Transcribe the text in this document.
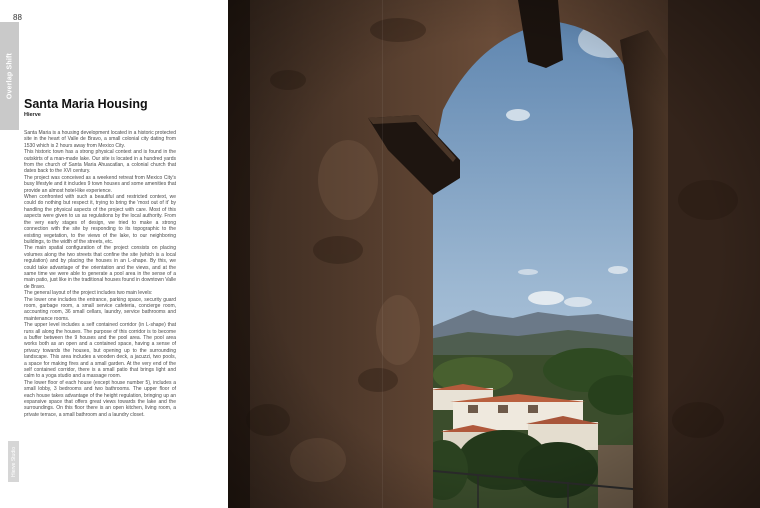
88
Overlap Shift
Hierve Studio
Santa Maria Housing
Hierve

Santa Maria is a housing development located in a historic protected site in the heart of Valle de Bravo, a small colonial city dating from 1530 which is 2 hours away from Mexico City.

This historic town has a strong physical context and is found in the outskirts of a man-made lake. Our site is located in a hundred yards from the church of Santa Maria Ahuacatlan, a colonial church that dates back to the XVI century.

The project was conceived as a weekend retreat from Mexico City's busy lifestyle and it includes 9 town houses and some amenities that provide an almost hotel-like experience.

When confronted with such a beautiful and restricted context, we could do nothing but respect it, trying to bring the 'most out of it' by handling the physical aspects of the project with care. Most of this aspects were given to us as regulations by the local authority. From the very early stages of design, we tried to make a strong connection with the site by responding to its topographic to the existing vegetation, to the views of the lake, to our neighboring buildings, to the width of the streets, etc.

The main spatial configuration of the project consists on placing volumes along the two streets that confine the site (which is a local regulation) and by placing the houses in an L-shape. By this, we could take advantage of the orientation and the views, and at the same time we were able to generate a pool area in the sense of a main patio, just like in the traditional houses found in downtown Valle de Bravo.

The general layout of the project includes two main levels:

The lower one includes the entrance, parking space, security guard room, garbage room, a small service cafeteria, concierge room, accounting room, 36 small cellars, laundry, service bathrooms and maintenance rooms.

The upper level includes a self contained corridor (in L-shape) that runs all along the houses. The purpose of this corridor is to become a buffer between the 9 houses and the pool area. The pool area works both as an open and a contained space, having a sense of privacy towards the houses, but opening up to the surrounding landscape. This area includes a wooden deck, a jacuzzi, two pools, a space for making fires and a small garden. At the very end of the self contained corridor, there is a small patio that brings light and calm to a yoga studio and a massage room.

The lower floor of each house (except house number 5), includes a small lobby, 3 bedrooms and two bathrooms. The upper floor of each house takes advantage of the height regulation, bringing up an expansive space that offers great views towards the lake and the surroundings. On this floor there is an open kitchen, living room, a private terrace, a small bathroom and a laundry closet.
